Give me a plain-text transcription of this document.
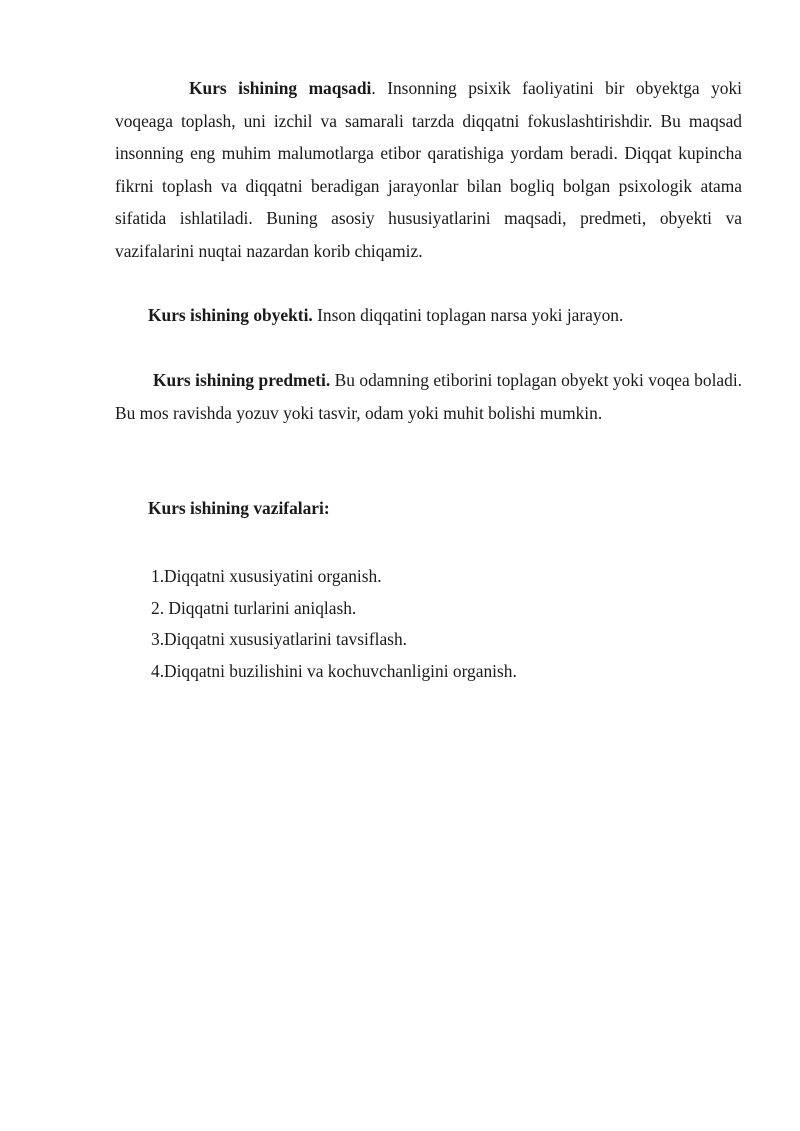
Kurs ishining maqsadi. Insonning psixik faoliyatini bir obyektga yoki voqeaga toplash, uni izchil va samarali tarzda diqqatni fokuslashtirishdir. Bu maqsad insonning eng muhim malumotlarga etibor qaratishiga yordam beradi. Diqqat kupincha fikrni toplash va diqqatni beradigan jarayonlar bilan bogliq bolgan psixologik atama sifatida ishlatiladi. Buning asosiy hususiyatlarini maqsadi, predmeti, obyekti va vazifalarini nuqtai nazardan korib chiqamiz.

Kurs ishining obyekti. Inson diqqatini toplagan narsa yoki jarayon.

Kurs ishining predmeti. Bu odamning etiborini toplagan obyekt yoki voqea boladi. Bu mos ravishda yozuv yoki tasvir, odam yoki muhit bolishi mumkin.

Kurs ishining vazifalari:

1.Diqqatni xususiyatini organish.
2. Diqqatni turlarini aniqlash.
3.Diqqatni xususiyatlarini tavsiflash.
4.Diqqatni buzilishini va kochuvchanligini organish.
